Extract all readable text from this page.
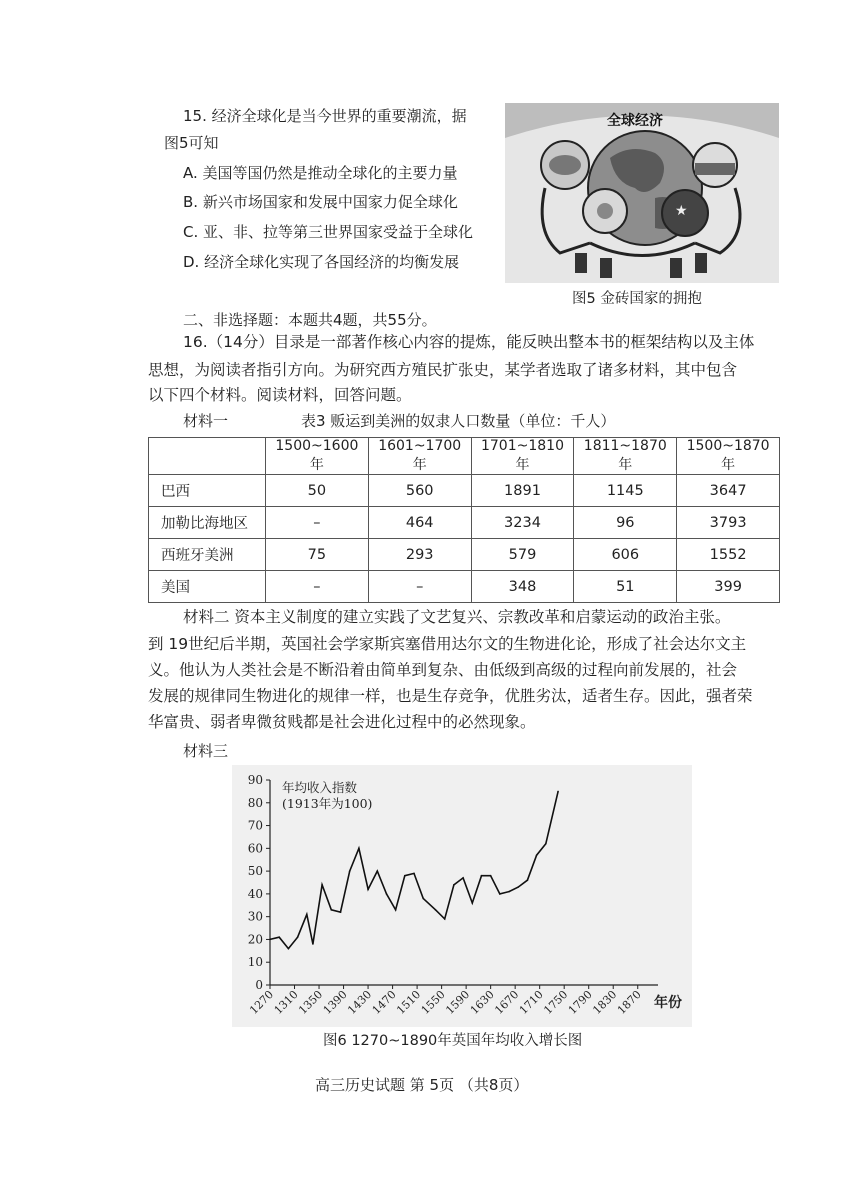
15. 经济全球化是当今世界的重要潮流，据
图5可知
A. 美国等国仍然是推动全球化的主要力量
B. 新兴市场国家和发展中国家力促全球化
C. 亚、非、拉等第三世界国家受益于全球化
D. 经济全球化实现了各国经济的均衡发展
★
全球经济
图5 金砖国家的拥抱
二、非选择题：本题共4题，共55分。
16.（14分）目录是一部著作核心内容的提炼，能反映出整本书的框架结构以及主体
思想，为阅读者指引方向。为研究西方殖民扩张史，某学者选取了诸多材料，其中包含
以下四个材料。阅读材料，回答问题。
材料一	表3 贩运到美洲的奴隶人口数量（单位：千人）
	1500~1600年	1601~1700年	1701~1810年	1811~1870年	1500~1870年
巴西	50	560	1891	1145	3647
加勒比海地区	–	464	3234	96	3793
西班牙美洲	75	293	579	606	1552
美国	–	–	348	51	399
材料二 资本主义制度的建立实践了文艺复兴、宗教改革和启蒙运动的政治主张。
到 19世纪后半期，英国社会学家斯宾塞借用达尔文的生物进化论，形成了社会达尔文主
义。他认为人类社会是不断沿着由简单到复杂、由低级到高级的过程向前发展的，社会
发展的规律同生物进化的规律一样，也是生存竞争，优胜劣汰，适者生存。因此，强者荣
华富贵、弱者卑微贫贱都是社会进化过程中的必然现象。
材料三
0
10
20
30
40
50
60
70
80
90
1270
1310
1350
1390
1430
1470
1510
1550
1590
1630
1670
1710
1750
1790
1830
1870 年份
年均收入指数
(1913年为100)
图6 1270~1890年英国年均收入增长图
高三历史试题 第 5页 （共8页）
